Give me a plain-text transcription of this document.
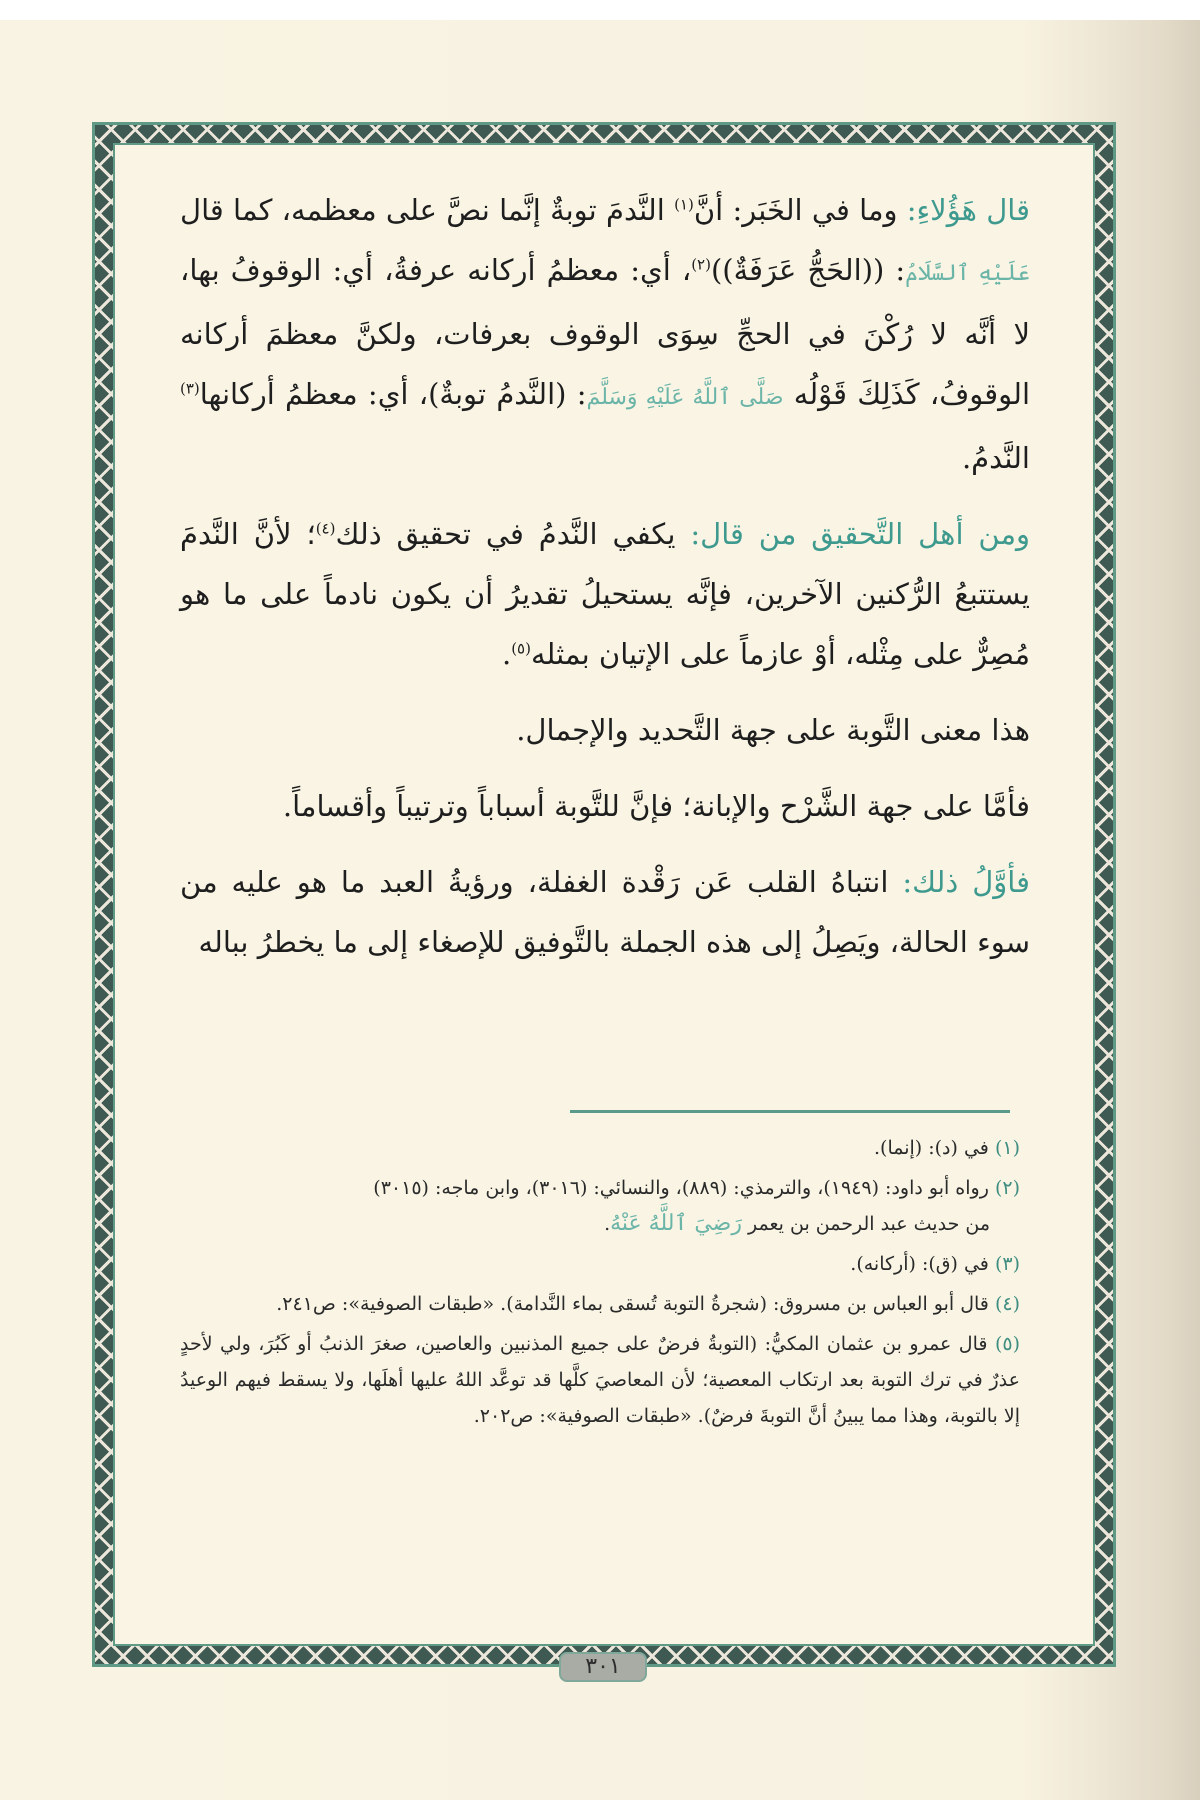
قال هَؤُلاءِ: وما في الخَبَر: أنَّ$^{(١)}$ النَّدمَ توبةٌ إنَّما نصَّ على معظمه، كما قال عَلَيْهِ ٱلسَّلَامُ: ((الحَجُّ عَرَفَةٌ))$^{(٢)}$، أي: معظمُ أركانه عرفةُ، أي: الوقوفُ بها، لا أنَّه لا رُكْنَ في الحجِّ سِوَى الوقوف بعرفات، ولكنَّ معظمَ أركانه الوقوفُ، كَذَلِكَ قَوْلُه صَلَّى ٱللَّهُ عَلَيْهِ وَسَلَّمَ: (النَّدمُ توبةٌ)، أي: معظمُ أركانها$^{(٣)}$ النَّدمُ.

ومن أهل التَّحقيق من قال: يكفي النَّدمُ في تحقيق ذلك$^{(٤)}$؛ لأنَّ النَّدمَ يستتبعُ الرُّكنين الآخرين، فإنَّه يستحيلُ تقديرُ أن يكون نادماً على ما هو مُصِرٌّ على مِثْله، أوْ عازماً على الإتيان بمثله$^{(٥)}$.

هذا معنى التَّوبة على جهة التَّحديد والإجمال.

فأمَّا على جهة الشَّرْح والإبانة؛ فإنَّ للتَّوبة أسباباً وترتيباً وأقساماً.

فأوَّلُ ذلك: انتباهُ القلب عَن رَقْدة الغفلة، ورؤيةُ العبد ما هو عليه من سوء الحالة، ويَصِلُ إلى هذه الجملة بالتَّوفيق للإصغاء إلى ما يخطرُ بباله

(١) في (د): (إنما).

(٢) رواه أبو داود: (١٩٤٩)، والترمذي: (٨٨٩)، والنسائي: (٣٠١٦)، وابن ماجه: (٣٠١٥)
من حديث عبد الرحمن بن يعمر رَضِيَ ٱللَّهُ عَنْهُ.

(٣) في (ق): (أركانه).

(٤) قال أبو العباس بن مسروق: (شجرةُ التوبة تُسقى بماء النَّدامة). «طبقات الصوفية»: ص٢٤١.

(٥) قال عمرو بن عثمان المكيُّ: (التوبةُ فرضٌ على جميع المذنبين والعاصين، صغرَ الذنبُ أو كَبُرَ، ولي لأحدٍ عذرٌ في ترك التوبة بعد ارتكاب المعصية؛ لأن المعاصيَ كلَّها قد توعَّد اللهُ عليها أهلَها، ولا يسقط فيهم الوعيدُ إلا بالتوبة، وهذا مما يبينُ أنَّ التوبةَ فرضٌ). «طبقات الصوفية»: ص٢٠٢.

٣٠١
